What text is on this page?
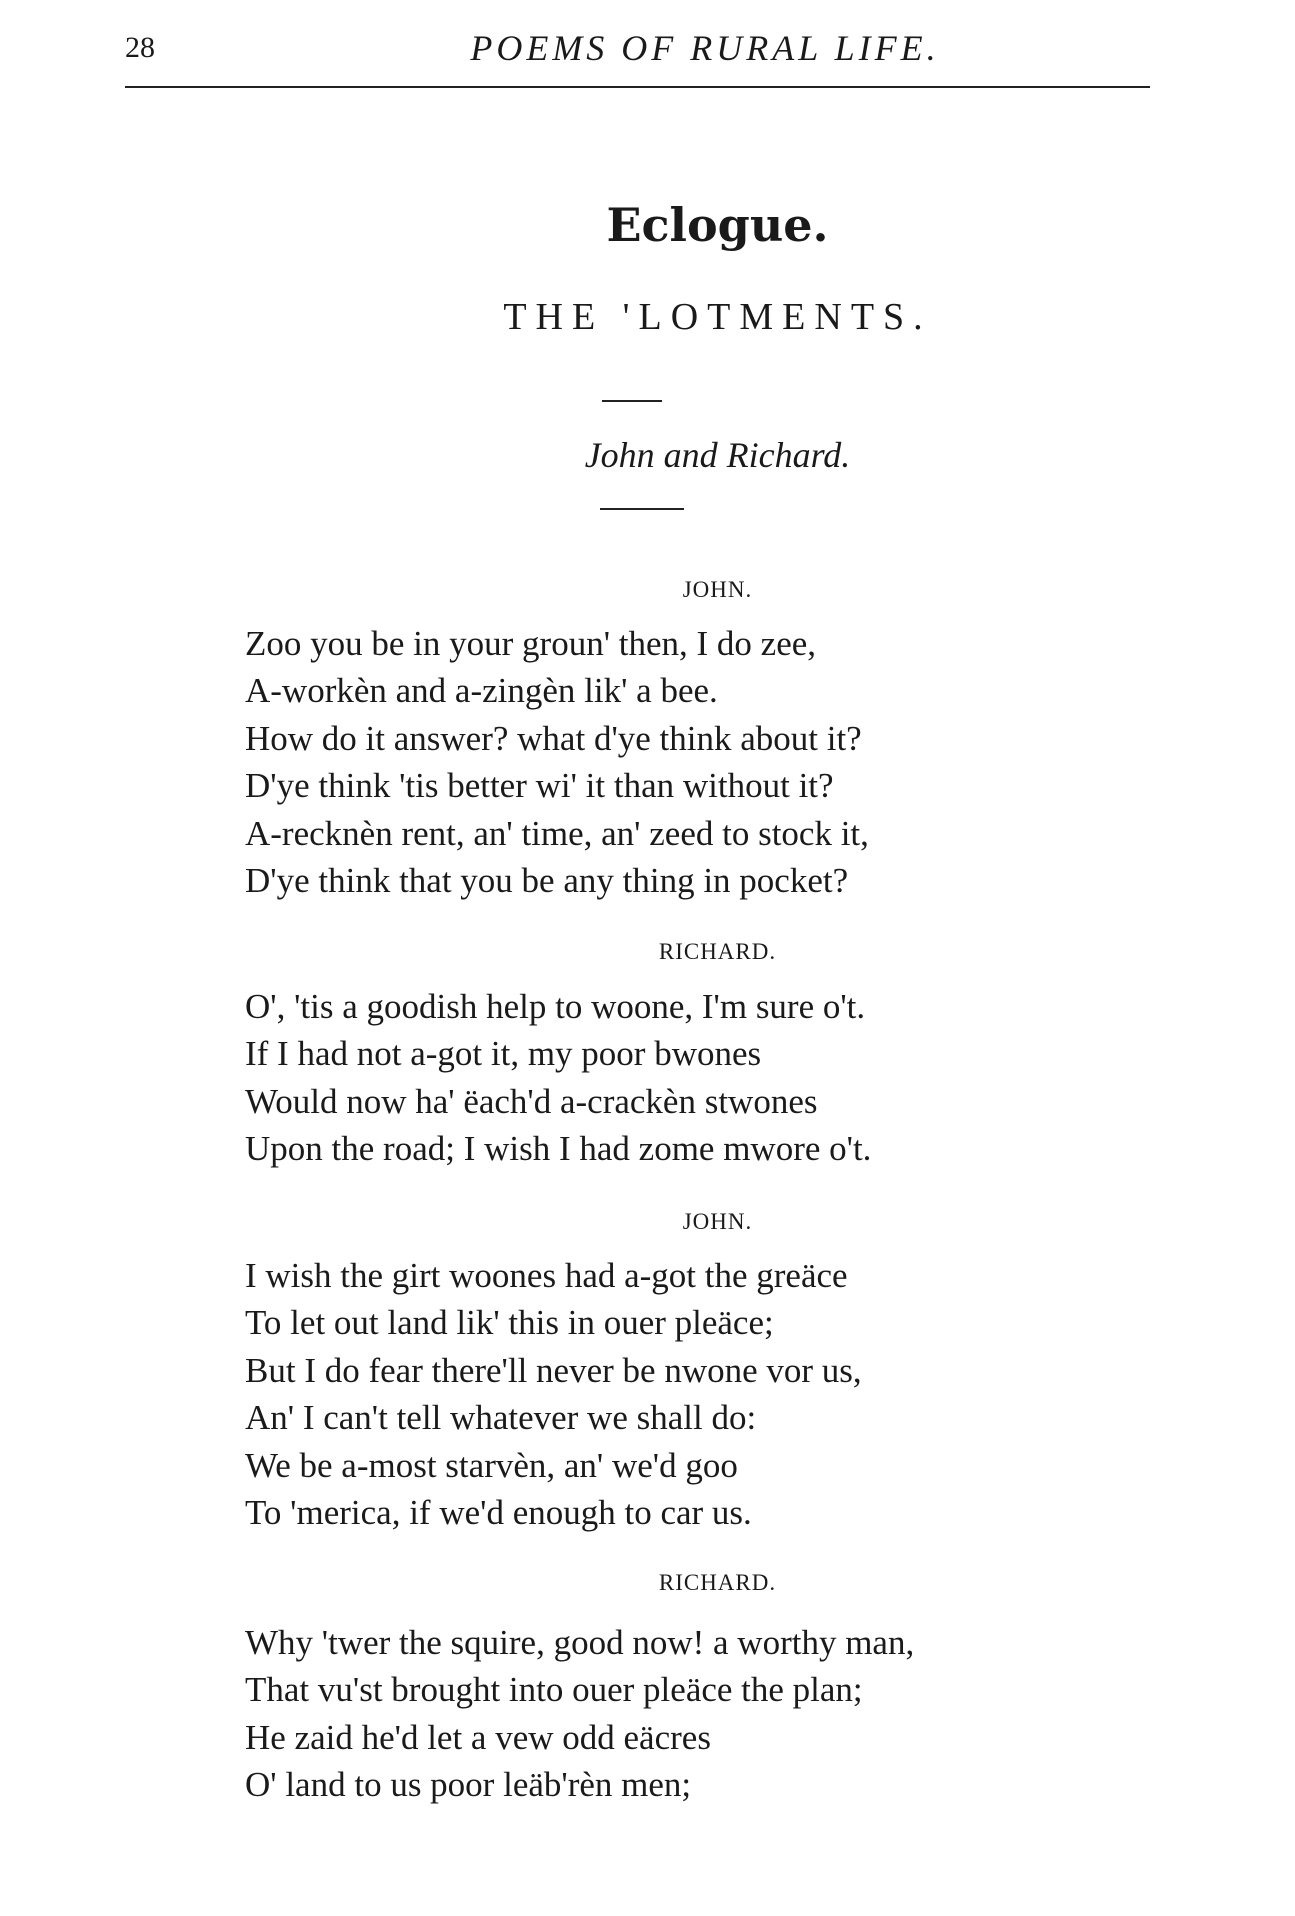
28	POEMS OF RURAL LIFE.
Eclogue.
THE 'LOTMENTS.
John and Richard.
JOHN.
Zoo you be in your groun' then, I do zee,
A-workèn and a-zingèn lik' a bee.
How do it answer? what d'ye think about it?
D'ye think 'tis better wi' it than without it?
A-recknèn rent, an' time, an' zeed to stock it,
D'ye think that you be any thing in pocket?
RICHARD.
O', 'tis a goodish help to woone, I'm sure o't.
If I had not a-got it, my poor bwones
Would now ha' ëach'd a-crackèn stwones
Upon the road; I wish I had zome mwore o't.
JOHN.
I wish the girt woones had a-got the greäce
To let out land lik' this in ouer pleäce;
But I do fear there'll never be nwone vor us,
An' I can't tell whatever we shall do:
We be a-most starvèn, an' we'd goo
To 'merica, if we'd enough to car us.
RICHARD.
Why 'twer the squire, good now! a worthy man,
That vu'st brought into ouer pleäce the plan;
He zaid he'd let a vew odd eäcres
O' land to us poor leäb'rèn men;
